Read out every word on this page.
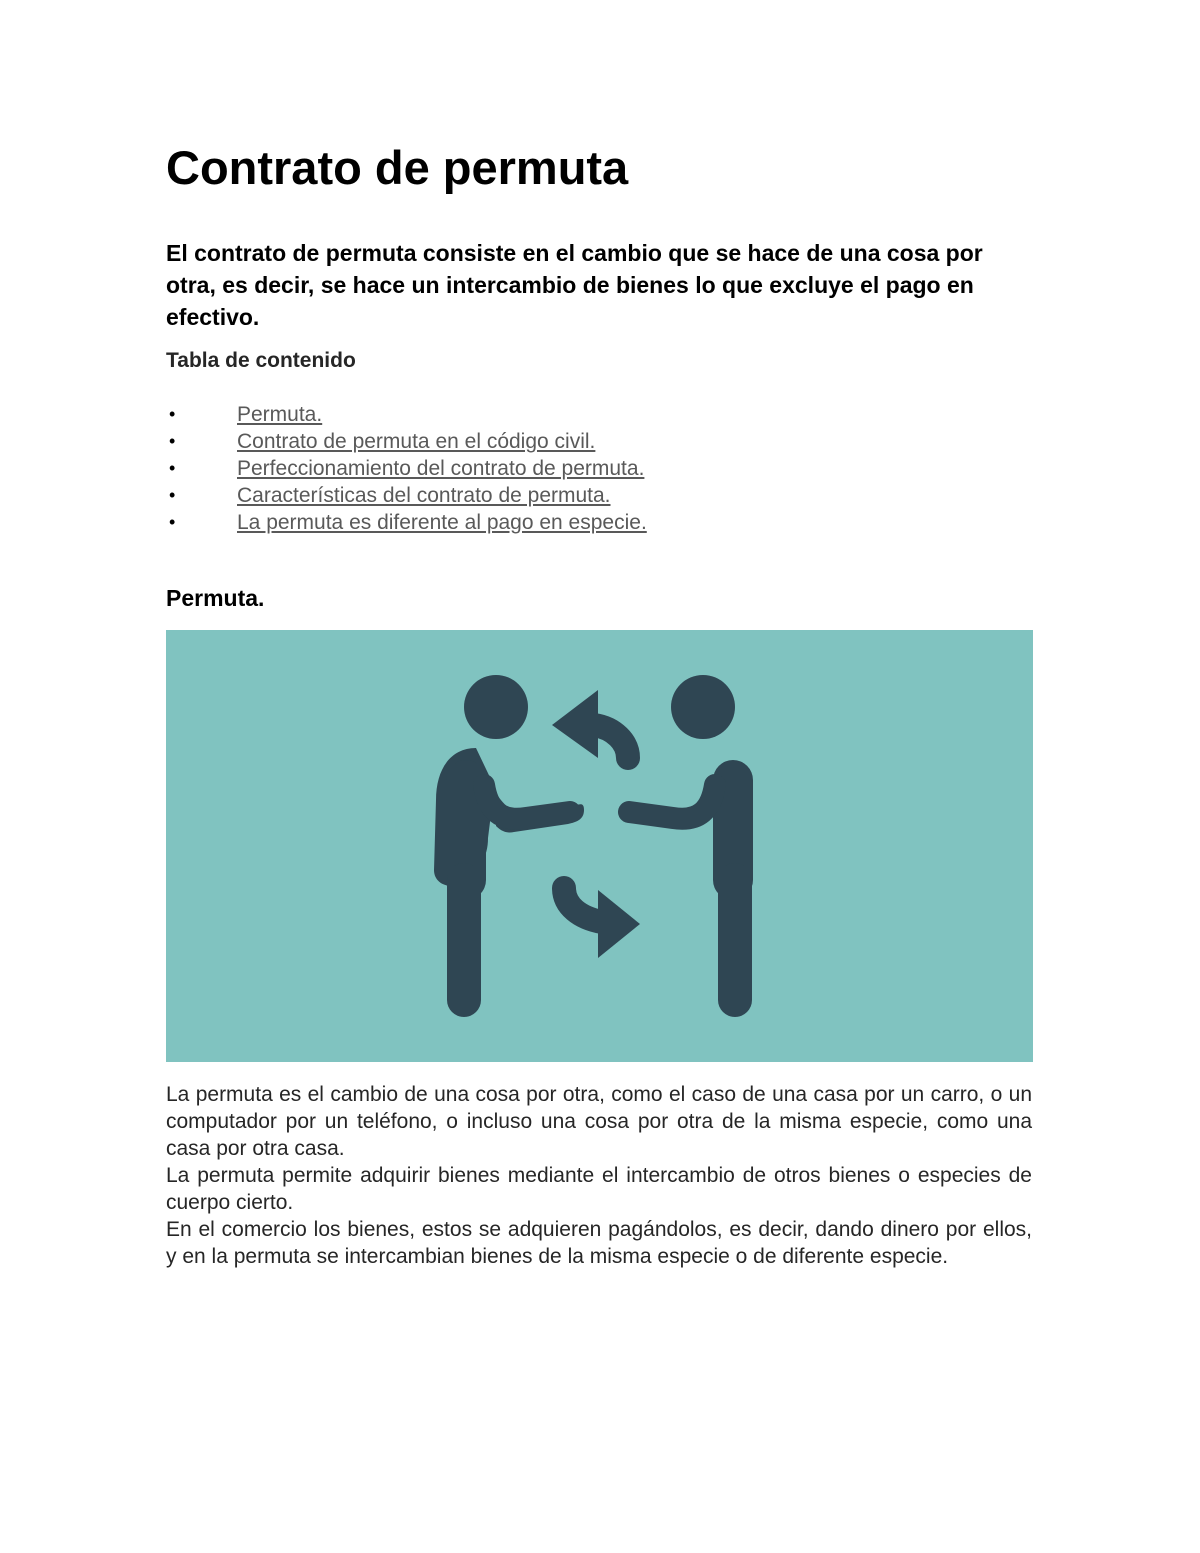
Contrato de permuta

El contrato de permuta consiste en el cambio que se hace de una cosa por otra, es decir, se hace un intercambio de bienes lo que excluye el pago en efectivo.

Tabla de contenido
•	Permuta.
•	Contrato de permuta en el código civil.
•	Perfeccionamiento del contrato de permuta.
•	Características del contrato de permuta.
•	La permuta es diferente al pago en especie.
Permuta.

La permuta es el cambio de una cosa por otra, como el caso de una casa por un carro, o un computador por un teléfono, o incluso una cosa por otra de la misma especie, como una casa por otra casa.

La permuta permite adquirir bienes mediante el intercambio de otros bienes o especies de cuerpo cierto.

En el comercio los bienes, estos se adquieren pagándolos, es decir, dando dinero por ellos, y en la permuta se intercambian bienes de la misma especie o de diferente especie.
